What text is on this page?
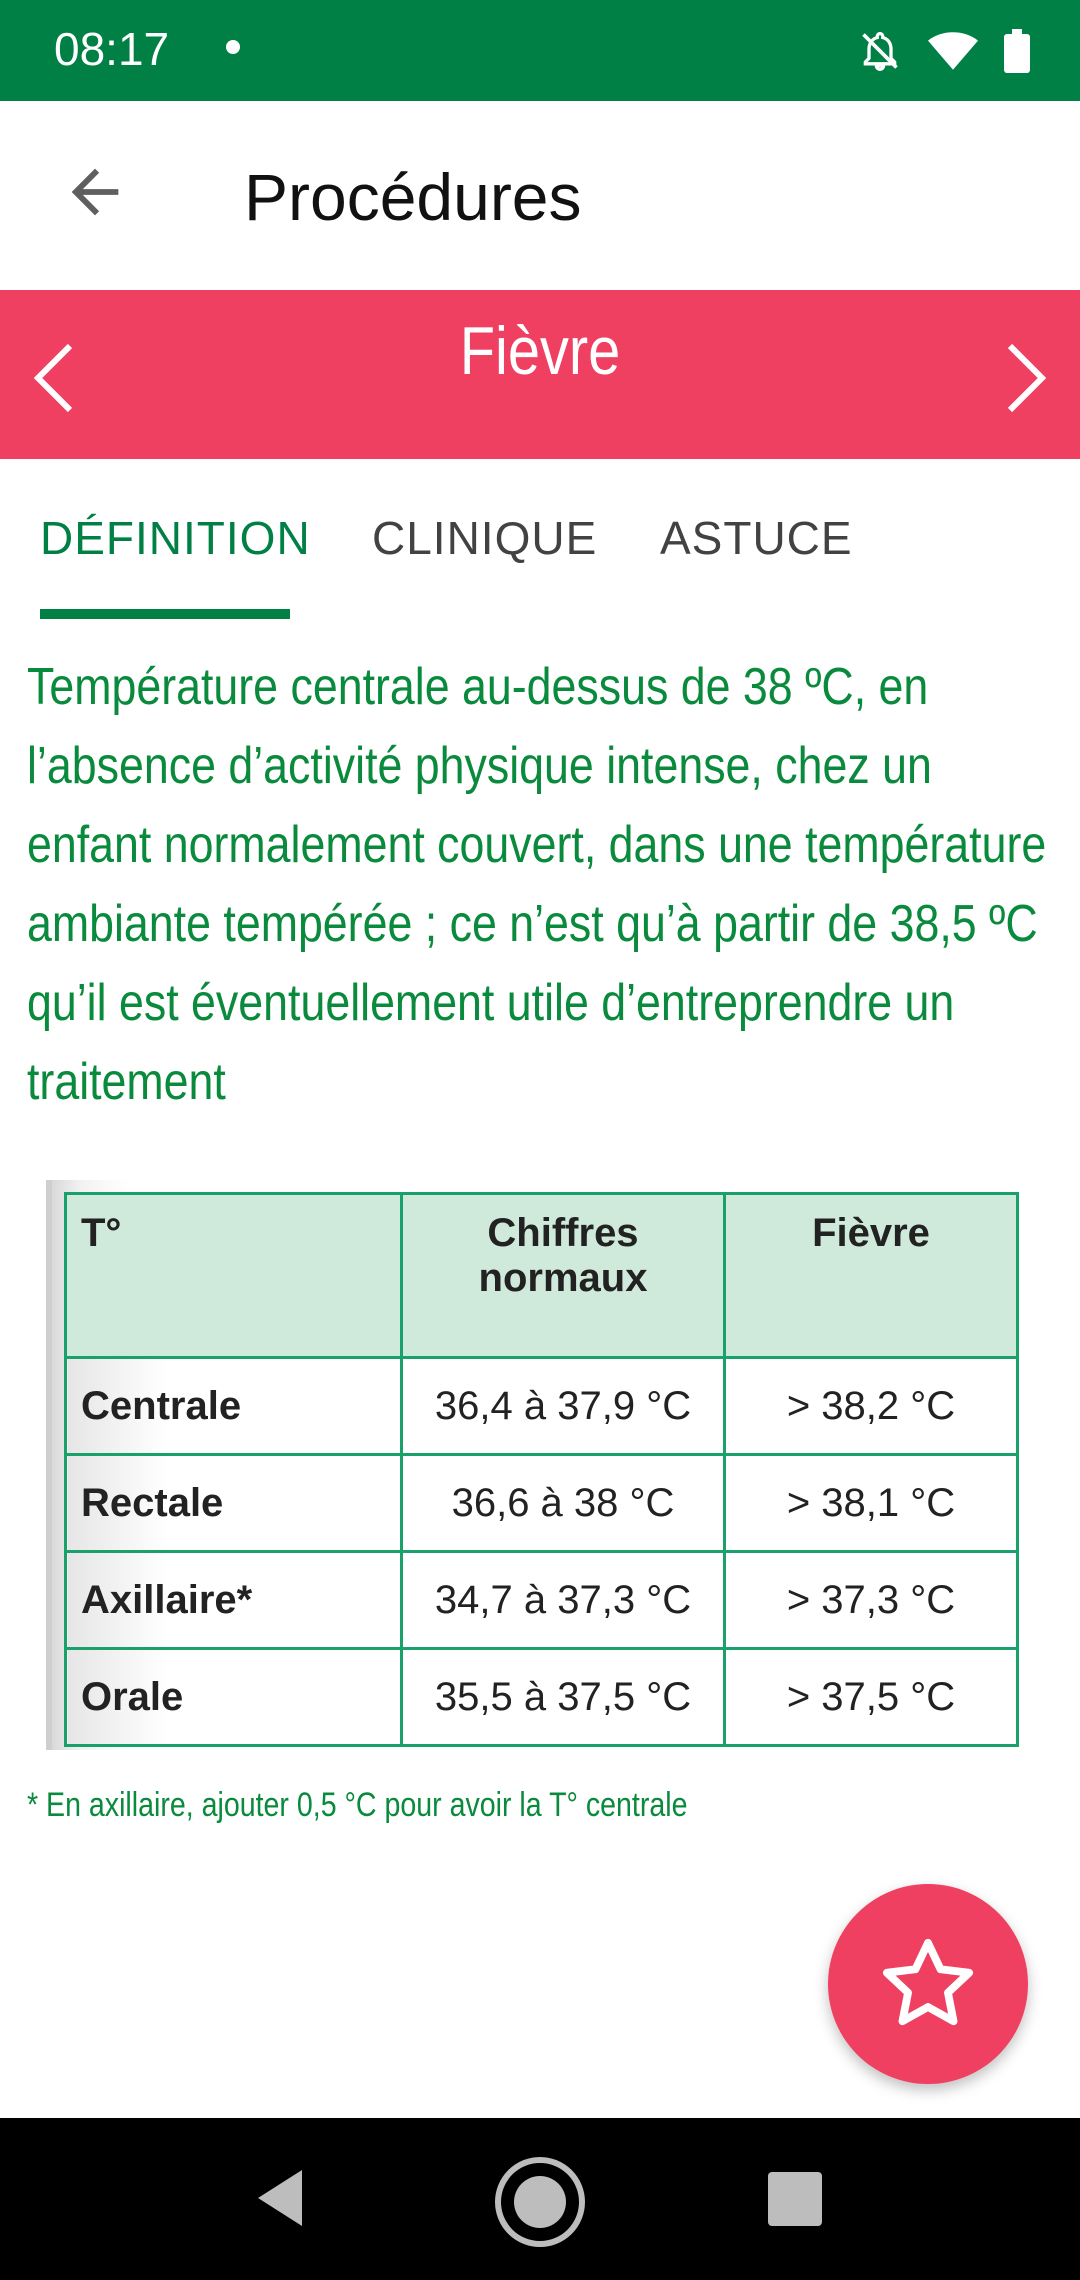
08:17	4
Procédures
Fièvre
DÉFINITION CLINIQUE ASTUCE
Température centrale au-dessus de 38 ºC, en l’absence d’activité physique intense, chez un enfant normalement couvert, dans une température ambiante tempérée ; ce n’est qu’à partir de 38,5 ºC qu’il est éventuellement utile d’entreprendre un traitement
T°	Chiffres normaux	Fièvre
Centrale	36,4 à 37,9 °C	> 38,2 °C
Rectale	36,6 à 38 °C	> 38,1 °C
Axillaire*	34,7 à 37,3 °C	> 37,3 °C
Orale	35,5 à 37,5 °C	> 37,5 °C
* En axillaire, ajouter 0,5 °C pour avoir la T° centrale
